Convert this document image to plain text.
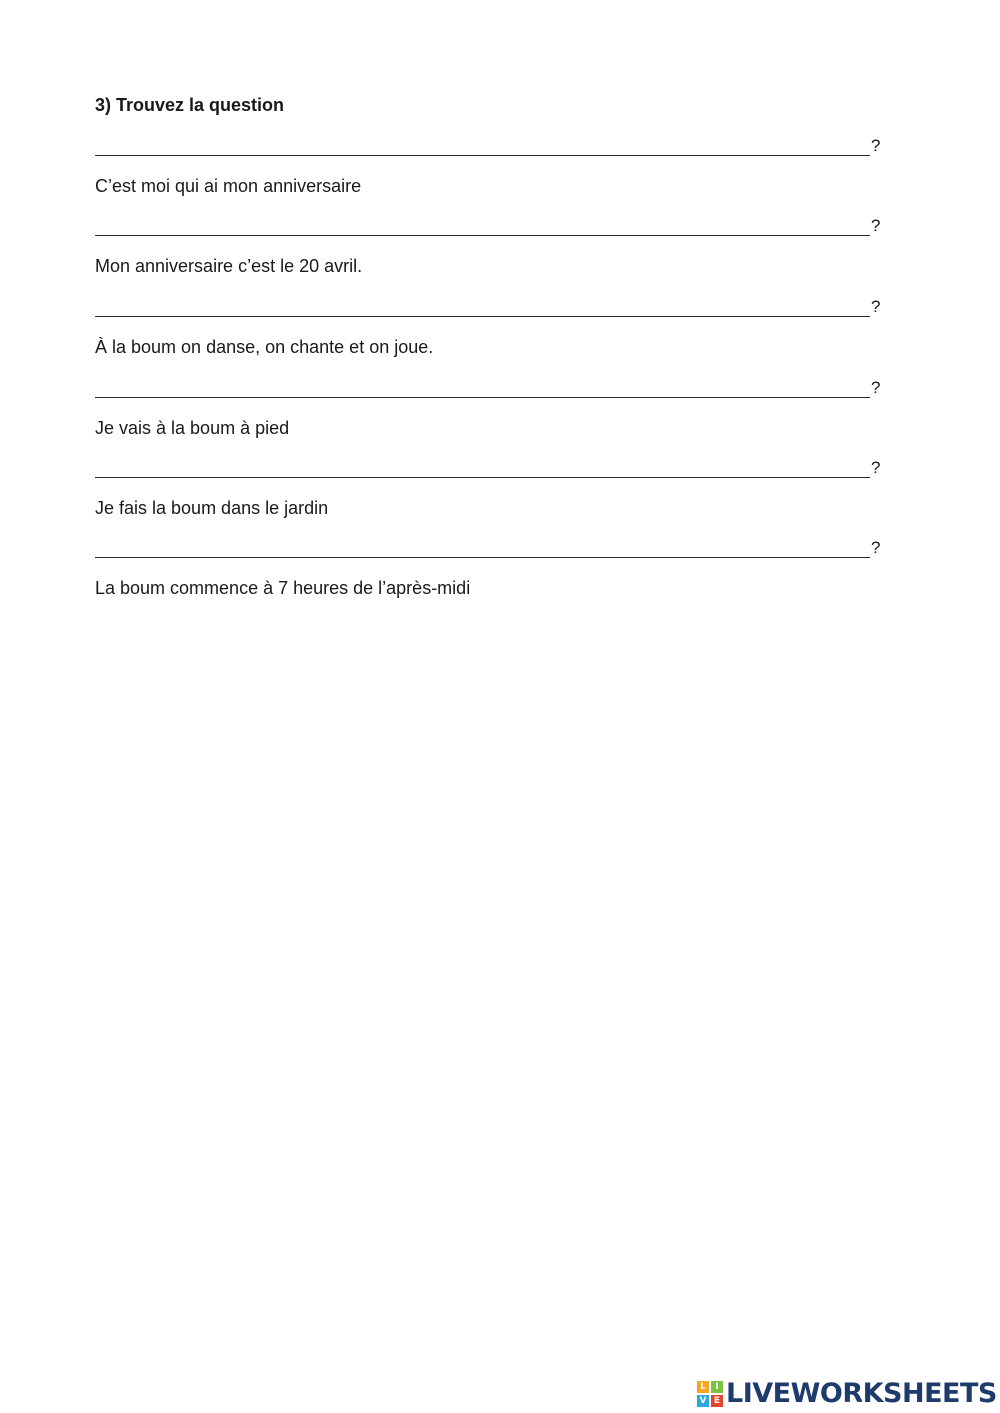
3) Trouvez la question
?
C’est moi qui ai mon anniversaire
?
Mon anniversaire c’est le 20 avril.
?
À la boum on danse, on chante et on joue.
?
Je vais à la boum à pied
?
Je fais la boum dans le jardin
?
La boum commence à 7 heures de l’après-midi
L	I
V E LIVEWORKSHEETS
